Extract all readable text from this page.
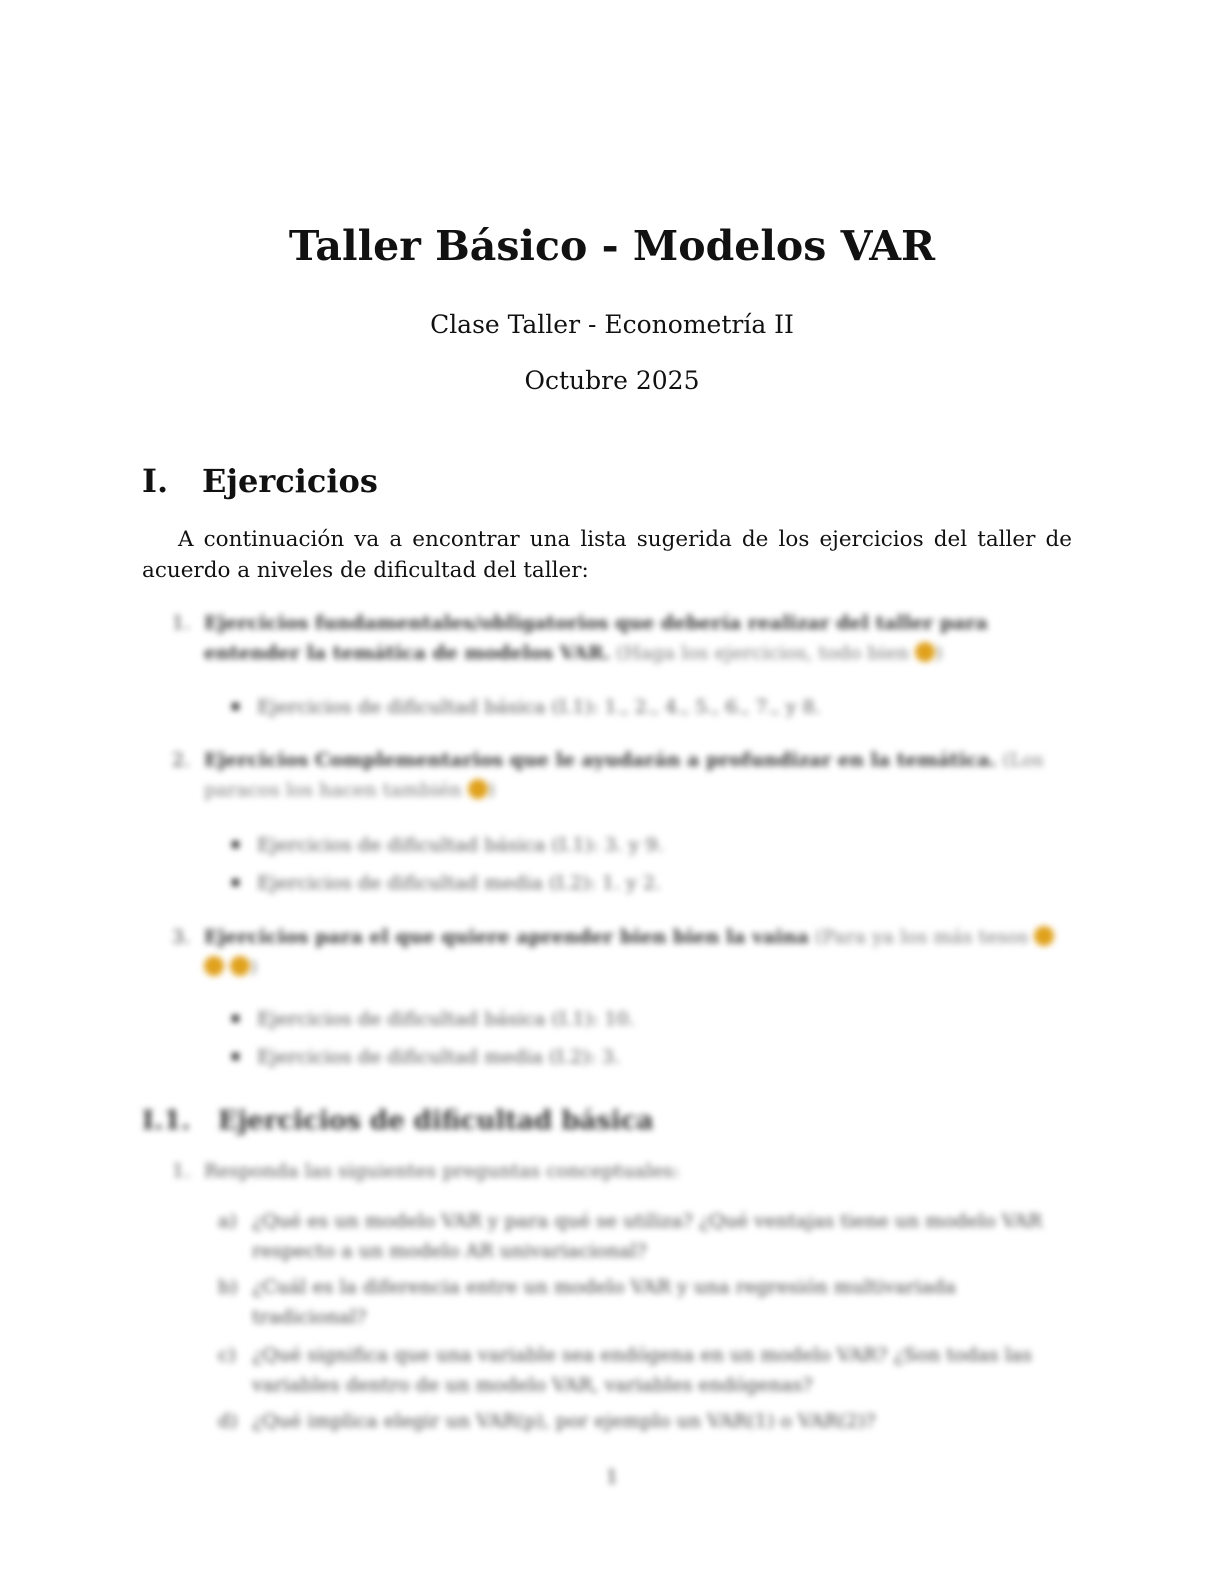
Taller Básico - Modelos VAR
Clase Taller - Econometría II
Octubre 2025
I. Ejercicios
A continuación va a encontrar una lista sugerida de los ejercicios del taller de acuerdo a niveles de dificultad del taller:
1. Ejercicios fundamentales/obligatorios que debería realizar del taller para entender la temática de modelos VAR. (Haga los ejercicios, todo bien )
Ejercicios de dificultad básica (I.1): 1., 2., 4., 5., 6., 7., y 8.
2. Ejercicios Complementarios que le ayudarán a profundizar en la temática. (Los paracos los hacen también )
Ejercicios de dificultad básica (I.1): 3. y 9.
Ejercicios de dificultad media (I.2): 1. y 2.
3. Ejercicios para el que quiere aprender bien bien la vaina (Para ya los más tesos   )
Ejercicios de dificultad básica (I.1): 10.
Ejercicios de dificultad media (I.2): 3.
I.1. Ejercicios de dificultad básica
1. Responda las siguientes preguntas conceptuales:
a) ¿Qué es un modelo VAR y para qué se utiliza? ¿Qué ventajas tiene un modelo VAR respecto a un modelo AR univariacional?
b) ¿Cuál es la diferencia entre un modelo VAR y una regresión multivariada tradicional?
c) ¿Qué significa que una variable sea endógena en un modelo VAR? ¿Son todas las variables dentro de un modelo VAR, variables endógenas?
d) ¿Qué implica elegir un VAR(p), por ejemplo un VAR(1) o VAR(2)?
1
